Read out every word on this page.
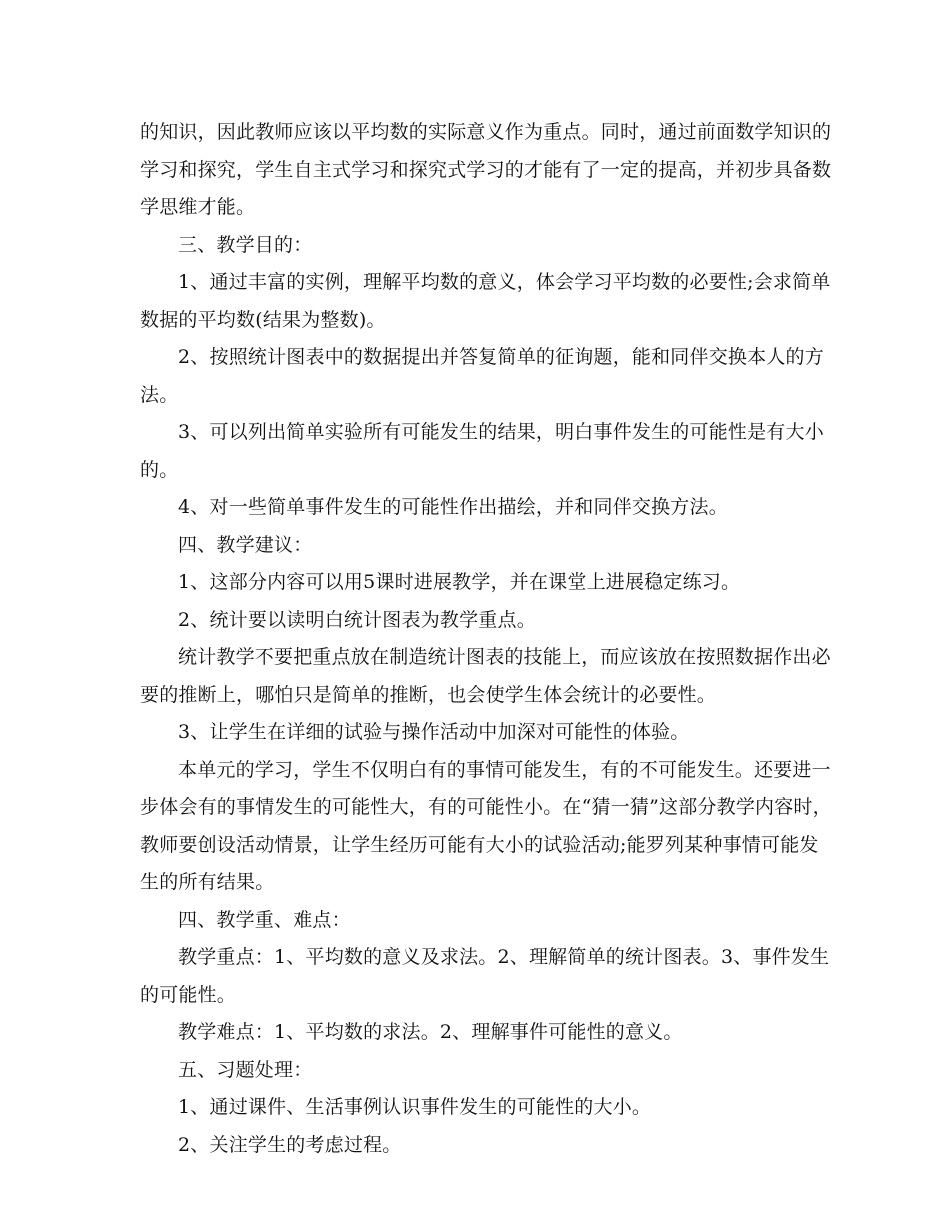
的知识，因此教师应该以平均数的实际意义作为重点。同时，通过前面数学知识的
学习和探究，学生自主式学习和探究式学习的才能有了一定的提高，并初步具备数
学思维才能。
三、教学目的：
1、通过丰富的实例，理解平均数的意义，体会学习平均数的必要性;会求简单
数据的平均数(结果为整数)。
2、按照统计图表中的数据提出并答复简单的征询题，能和同伴交换本人的方
法。
3、可以列出简单实验所有可能发生的结果，明白事件发生的可能性是有大小
的。
4、对一些简单事件发生的可能性作出描绘，并和同伴交换方法。
四、教学建议：
1、这部分内容可以用5课时进展教学，并在课堂上进展稳定练习。
2、统计要以读明白统计图表为教学重点。
统计教学不要把重点放在制造统计图表的技能上，而应该放在按照数据作出必
要的推断上，哪怕只是简单的推断，也会使学生体会统计的必要性。
3、让学生在详细的试验与操作活动中加深对可能性的体验。
本单元的学习，学生不仅明白有的事情可能发生，有的不可能发生。还要进一
步体会有的事情发生的可能性大，有的可能性小。在“猜一猜”这部分教学内容时，
教师要创设活动情景，让学生经历可能有大小的试验活动;能罗列某种事情可能发
生的所有结果。
四、教学重、难点：
教学重点：1、平均数的意义及求法。2、理解简单的统计图表。3、事件发生
的可能性。
教学难点：1、平均数的求法。2、理解事件可能性的意义。
五、习题处理：
1、通过课件、生活事例认识事件发生的可能性的大小。
2、关注学生的考虑过程。
